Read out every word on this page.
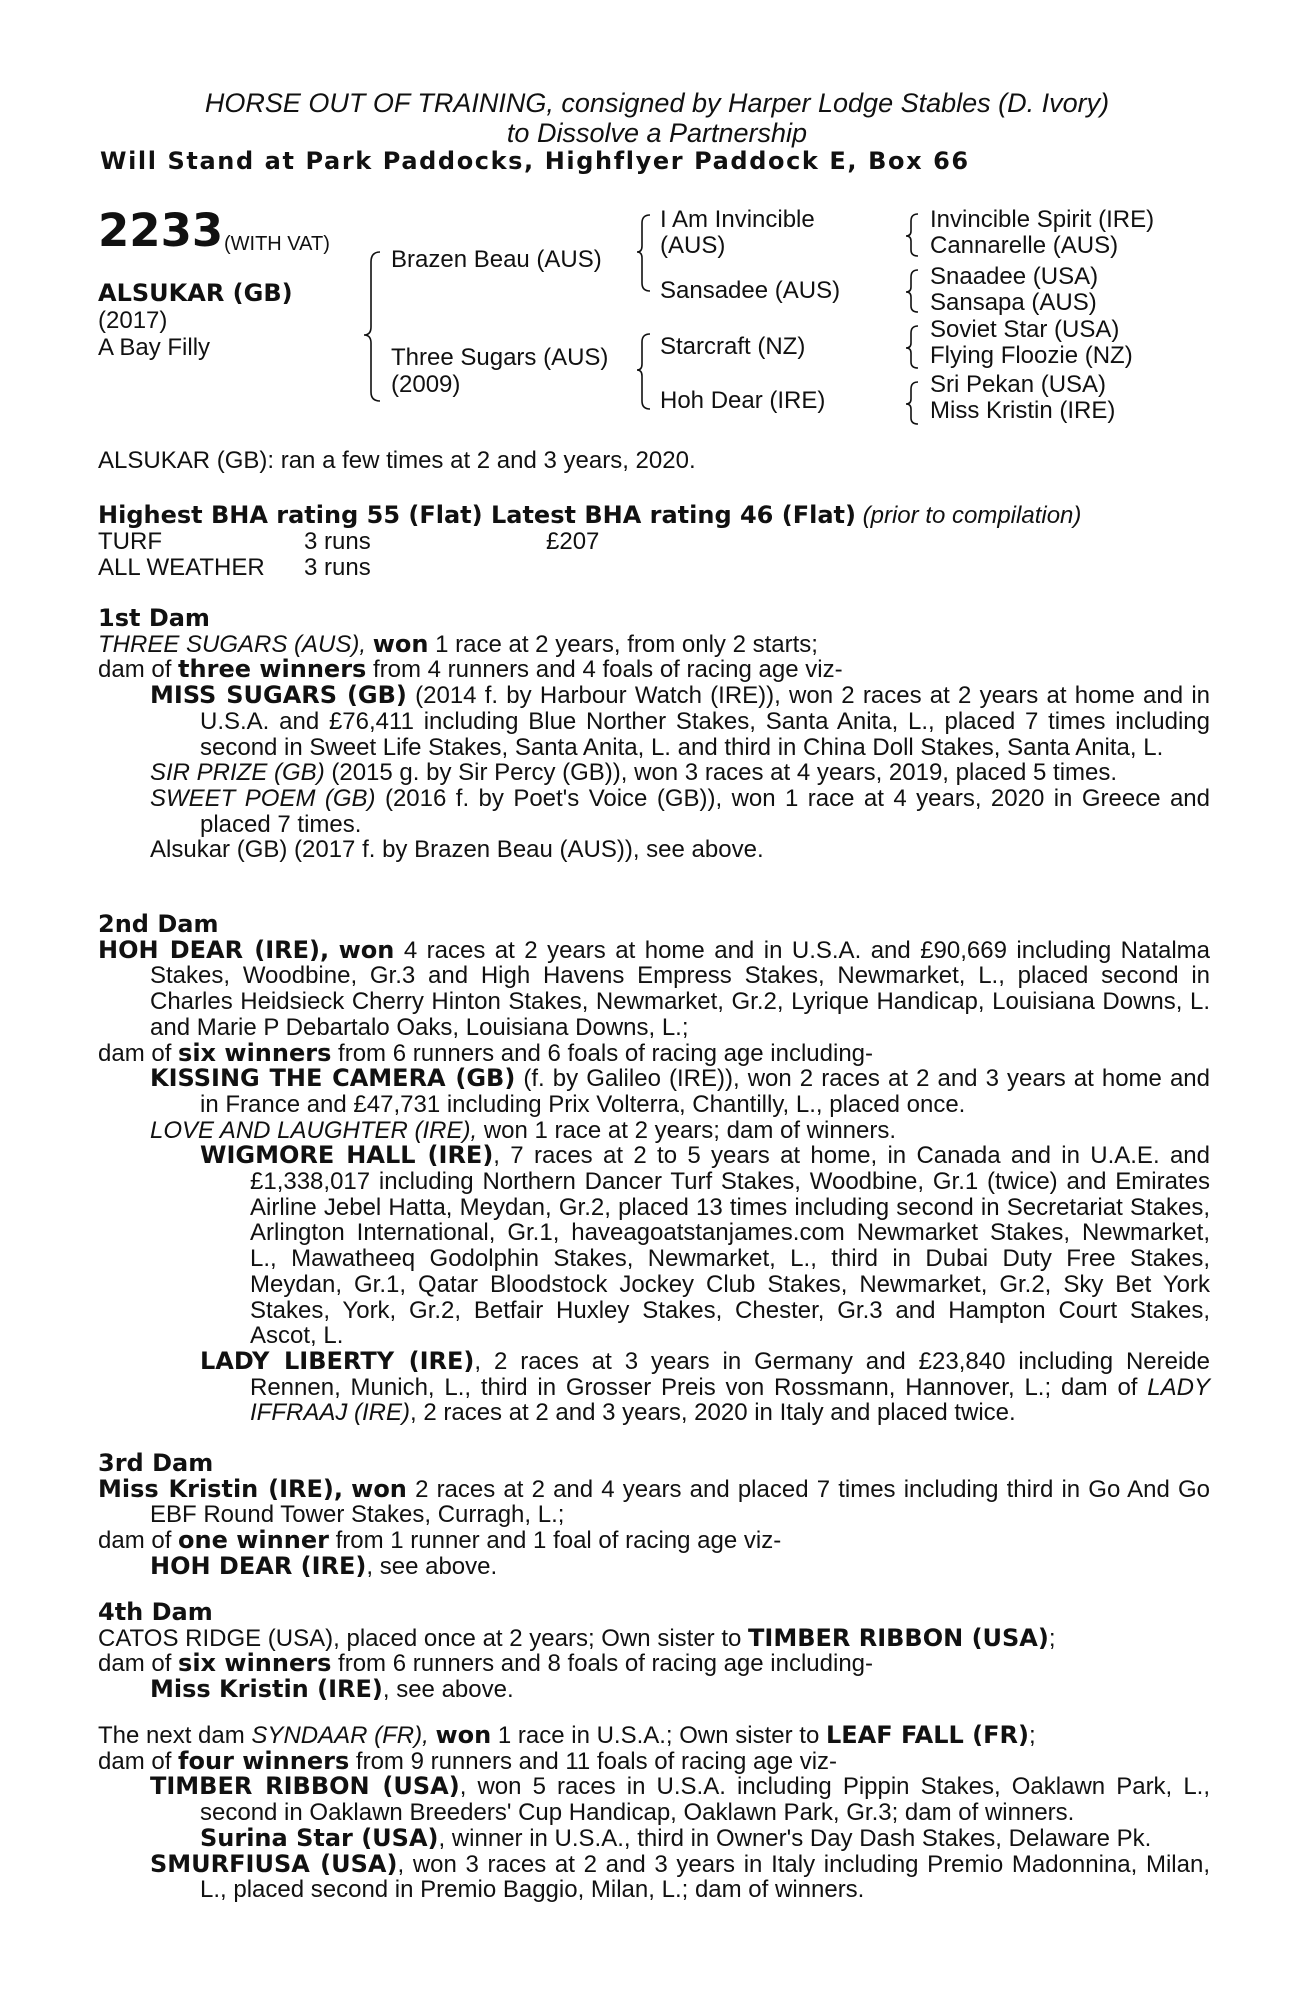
HORSE OUT OF TRAINING, consigned by Harper Lodge Stables (D. Ivory)
to Dissolve a Partnership
Will Stand at Park Paddocks, Highflyer Paddock E, Box 66
2233 (WITH VAT)
ALSUKAR (GB)
(2017)
A Bay Filly
Brazen Beau (AUS)
Three Sugars (AUS)
(2009)
I Am Invincible
(AUS)
Sansadee (AUS)
Starcraft (NZ)
Hoh Dear (IRE)
Invincible Spirit (IRE)
Cannarelle (AUS)
Snaadee (USA)
Sansapa (AUS)
Soviet Star (USA)
Flying Floozie (NZ)
Sri Pekan (USA)
Miss Kristin (IRE)
ALSUKAR (GB): ran a few times at 2 and 3 years, 2020.
Highest BHA rating 55 (Flat) Latest BHA rating 46 (Flat) (prior to compilation)
TURF	3 runs	£207
ALL WEATHER 3 runs

1st Dam

THREE SUGARS (AUS), won 1 race at 2 years, from only 2 starts;

dam of three winners from 4 runners and 4 foals of racing age viz-

MISS SUGARS (GB) (2014 f. by Harbour Watch (IRE)), won 2 races at 2 years at home and in U.S.A. and £76,411 including Blue Norther Stakes, Santa Anita, L., placed 7 times including second in Sweet Life Stakes, Santa Anita, L. and third in China Doll Stakes, Santa Anita, L.

SIR PRIZE (GB) (2015 g. by Sir Percy (GB)), won 3 races at 4 years, 2019, placed 5 times.

SWEET POEM (GB) (2016 f. by Poet's Voice (GB)), won 1 race at 4 years, 2020 in Greece and placed 7 times.

Alsukar (GB) (2017 f. by Brazen Beau (AUS)), see above.

2nd Dam

HOH DEAR (IRE), won 4 races at 2 years at home and in U.S.A. and £90,669 including Natalma Stakes, Woodbine, Gr.3 and High Havens Empress Stakes, Newmarket, L., placed second in Charles Heidsieck Cherry Hinton Stakes, Newmarket, Gr.2, Lyrique Handicap, Louisiana Downs, L. and Marie P Debartalo Oaks, Louisiana Downs, L.;

dam of six winners from 6 runners and 6 foals of racing age including-

KISSING THE CAMERA (GB) (f. by Galileo (IRE)), won 2 races at 2 and 3 years at home and in France and £47,731 including Prix Volterra, Chantilly, L., placed once.

LOVE AND LAUGHTER (IRE), won 1 race at 2 years; dam of winners.

WIGMORE HALL (IRE), 7 races at 2 to 5 years at home, in Canada and in U.A.E. and £1,338,017 including Northern Dancer Turf Stakes, Woodbine, Gr.1 (twice) and Emirates Airline Jebel Hatta, Meydan, Gr.2, placed 13 times including second in Secretariat Stakes, Arlington International, Gr.1, haveagoatstanjames.com Newmarket Stakes, Newmarket, L., Mawatheeq Godolphin Stakes, Newmarket, L., third in Dubai Duty Free Stakes, Meydan, Gr.1, Qatar Bloodstock Jockey Club Stakes, Newmarket, Gr.2, Sky Bet York Stakes, York, Gr.2, Betfair Huxley Stakes, Chester, Gr.3 and Hampton Court Stakes, Ascot, L.

LADY LIBERTY (IRE), 2 races at 3 years in Germany and £23,840 including Nereide Rennen, Munich, L., third in Grosser Preis von Rossmann, Hannover, L.; dam of LADY IFFRAAJ (IRE), 2 races at 2 and 3 years, 2020 in Italy and placed twice.

3rd Dam

Miss Kristin (IRE), won 2 races at 2 and 4 years and placed 7 times including third in Go And Go EBF Round Tower Stakes, Curragh, L.;

dam of one winner from 1 runner and 1 foal of racing age viz-

HOH DEAR (IRE), see above.

4th Dam

CATOS RIDGE (USA), placed once at 2 years; Own sister to TIMBER RIBBON (USA);

dam of six winners from 6 runners and 8 foals of racing age including-

Miss Kristin (IRE), see above.

The next dam SYNDAAR (FR), won 1 race in U.S.A.; Own sister to LEAF FALL (FR);

dam of four winners from 9 runners and 11 foals of racing age viz-

TIMBER RIBBON (USA), won 5 races in U.S.A. including Pippin Stakes, Oaklawn Park, L., second in Oaklawn Breeders' Cup Handicap, Oaklawn Park, Gr.3; dam of winners.

Surina Star (USA), winner in U.S.A., third in Owner's Day Dash Stakes, Delaware Pk.

SMURFIUSA (USA), won 3 races at 2 and 3 years in Italy including Premio Madonnina, Milan, L., placed second in Premio Baggio, Milan, L.; dam of winners.
